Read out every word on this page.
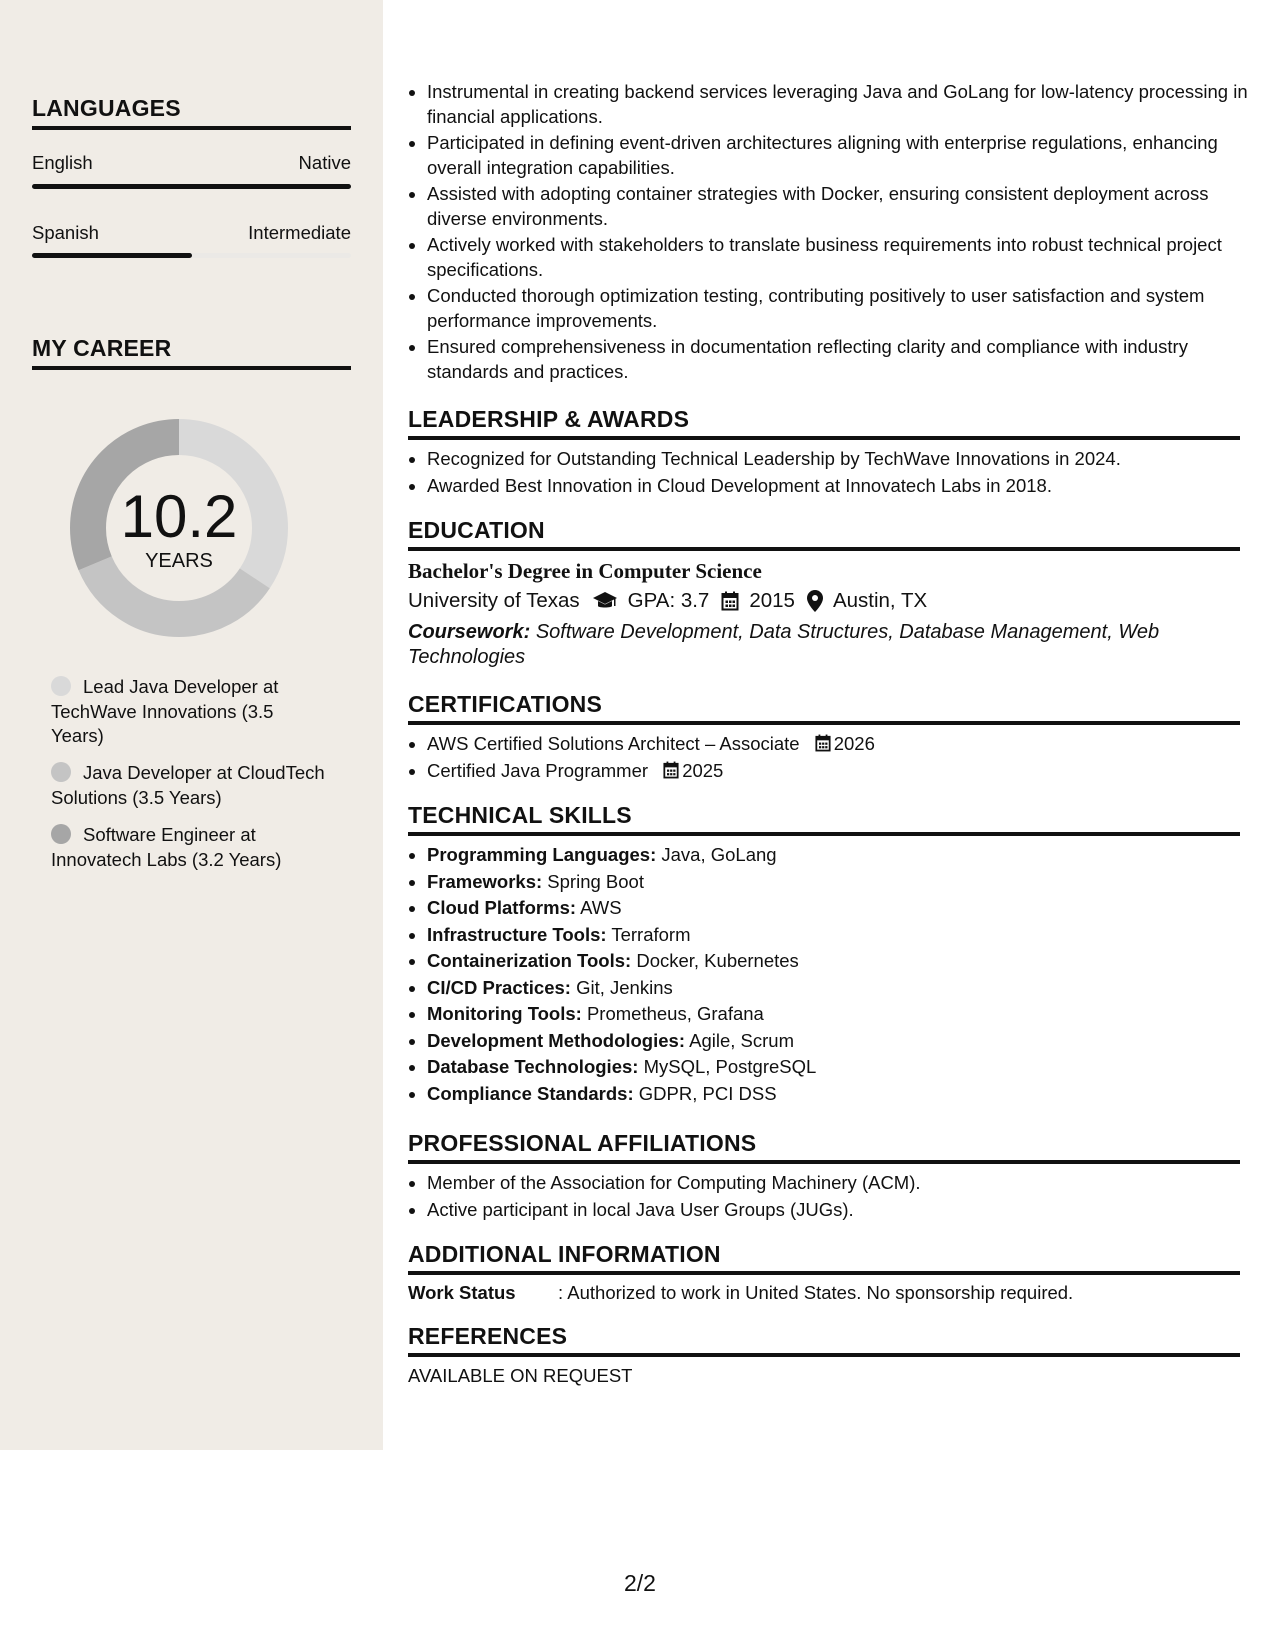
LANGUAGES
English	Native
Spanish	Intermediate
MY CAREER
10.2
YEARS
Lead Java Developer at TechWave Innovations (3.5 Years)
Java Developer at CloudTech Solutions (3.5 Years)
Software Engineer at Innovatech Labs (3.2 Years)
• Instrumental in creating backend services leveraging Java and GoLang for low-latency processing in financial applications.
• Participated in defining event-driven architectures aligning with enterprise regulations, enhancing overall integration capabilities.
• Assisted with adopting container strategies with Docker, ensuring consistent deployment across diverse environments.
• Actively worked with stakeholders to translate business requirements into robust technical project specifications.
• Conducted thorough optimization testing, contributing positively to user satisfaction and system performance improvements.
• Ensured comprehensiveness in documentation reflecting clarity and compliance with industry standards and practices.
LEADERSHIP & AWARDS
• Recognized for Outstanding Technical Leadership by TechWave Innovations in 2024.
• Awarded Best Innovation in Cloud Development at Innovatech Labs in 2018.
EDUCATION
Bachelor's Degree in Computer Science
University of Texas GPA: 3.7 2015 Austin, TX
Coursework: Software Development, Data Structures, Database Management, Web Technologies
CERTIFICATIONS
• AWS Certified Solutions Architect – Associate 2026
• Certified Java Programmer 2025
TECHNICAL SKILLS
• Programming Languages: Java, GoLang
• Frameworks: Spring Boot
• Cloud Platforms: AWS
• Infrastructure Tools: Terraform
• Containerization Tools: Docker, Kubernetes
• CI/CD Practices: Git, Jenkins
• Monitoring Tools: Prometheus, Grafana
• Development Methodologies: Agile, Scrum
• Database Technologies: MySQL, PostgreSQL
• Compliance Standards: GDPR, PCI DSS
PROFESSIONAL AFFILIATIONS
• Member of the Association for Computing Machinery (ACM).
• Active participant in local Java User Groups (JUGs).
ADDITIONAL INFORMATION
Work Status	: Authorized to work in United States. No sponsorship required.
REFERENCES
AVAILABLE ON REQUEST
2/2
